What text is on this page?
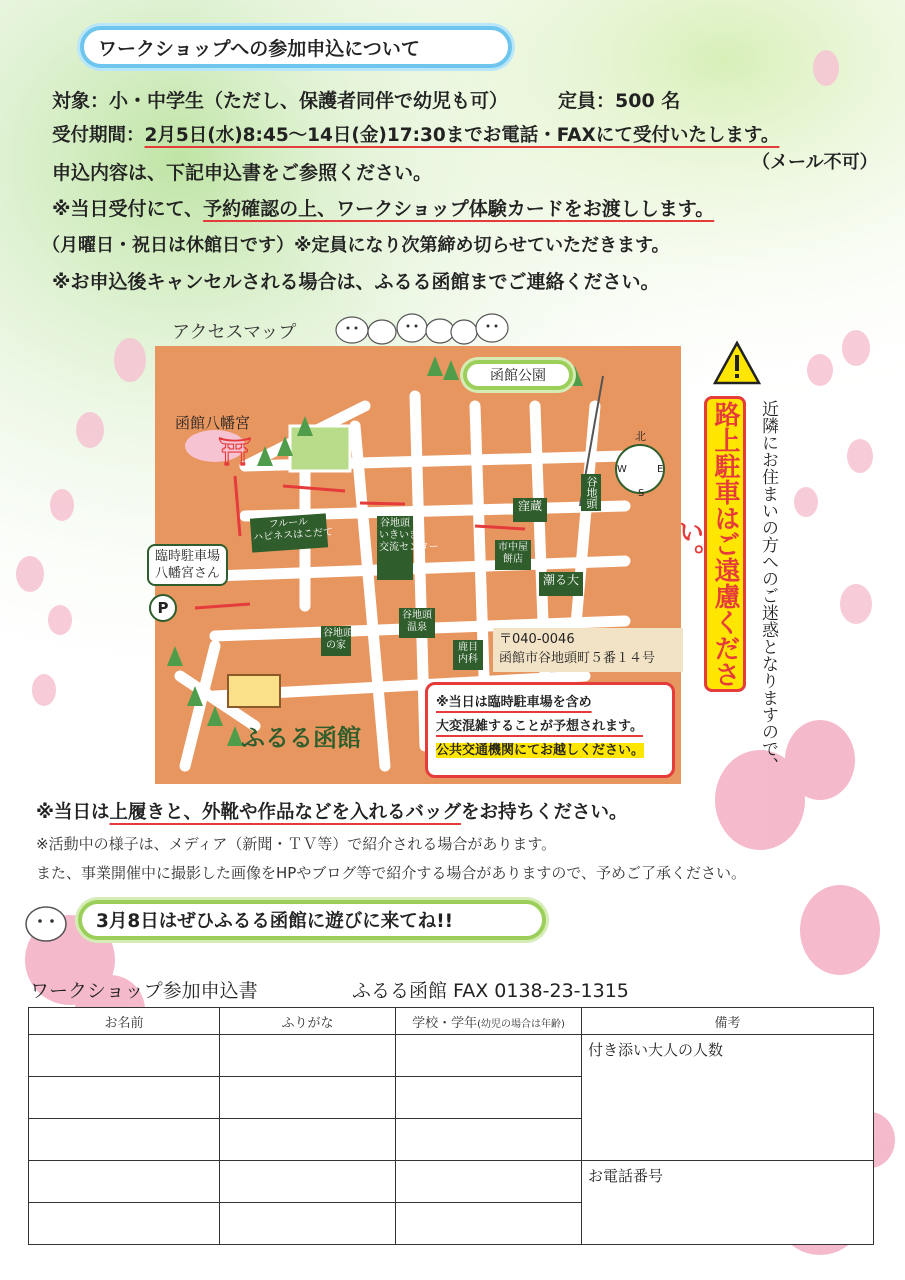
ワークショップへの参加申込について
対象：小・中学生（ただし、保護者同伴で幼児も可）	定員：500 名
受付期間：2月5日(水)8:45～14日(金)17:30までお電話・FAXにて受付いたします。
（メール不可）
申込内容は、下記申込書をご参照ください。
※当日受付にて、予約確認の上、ワークショップ体験カードをお渡しします。
（月曜日・祝日は休館日です）※定員になり次第締め切らせていただきます。
※お申込後キャンセルされる場合は、ふるる函館までご連絡ください。
アクセスマップ
函館公園
函館八幡宮
⛩
臨時駐車場
八幡宮さん
P
北
W	E
S
フルール
ハピネスはこだて
谷地頭
いきいき
交流センター
窪蔵
市中屋
餅店
潮る大
谷地頭
温泉
鹿目
内科
谷地頭
の家
谷地頭
〒040-0046
函館市谷地頭町５番１４号
ふるる函館
※当日は臨時駐車場を含め
大変混雑することが予想されます。
公共交通機関にてお越しください。
路上駐車はご遠慮ください。	近隣にお住まいの方へのご迷惑となりますので、
※当日は上履きと、外靴や作品などを入れるバッグをお持ちください。
※活動中の様子は、メディア（新聞・ＴＶ等）で紹介される場合があります。
また、事業開催中に撮影した画像をHPやブログ等で紹介する場合がありますので、予めご了承ください。
3月8日はぜひふるる函館に遊びに来てね!!
ワークショップ参加申込書	ふるる函館 FAX 0138-23-1315
お名前	ふりがな	学校・学年(幼児の場合は年齢)	備考
			付き添い大人の人数

			お電話番号
